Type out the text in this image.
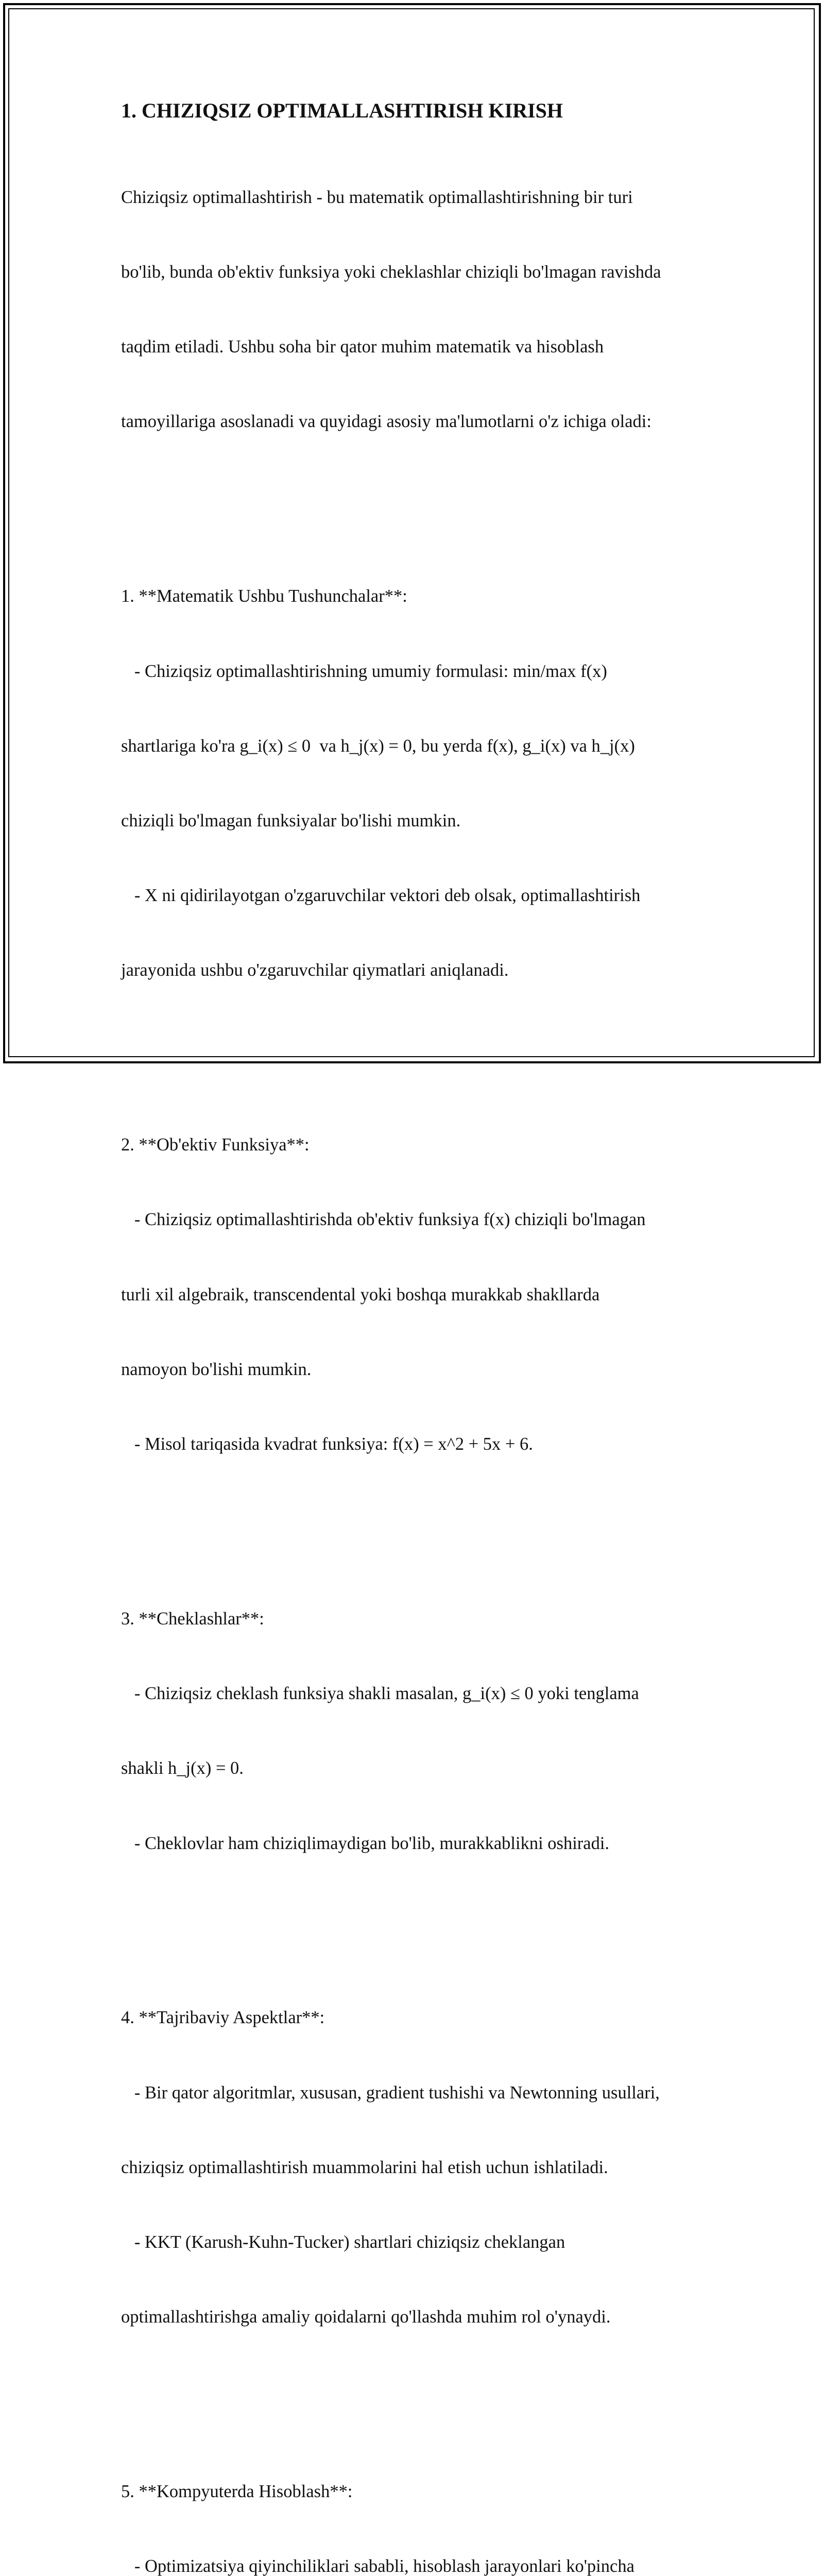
1. CHIZIQSIZ OPTIMALLASHTIRISH KIRISH

Chiziqsiz optimallashtirish - bu matematik optimallashtirishning bir turi

bo'lib, bunda ob'ektiv funksiya yoki cheklashlar chiziqli bo'lmagan ravishda

taqdim etiladi. Ushbu soha bir qator muhim matematik va hisoblash

tamoyillariga asoslanadi va quyidagi asosiy ma'lumotlarni o'z ichiga oladi:

1. **Matematik Ushbu Tushunchalar**:

- Chiziqsiz optimallashtirishning umumiy formulasi: min/max f(x)

shartlariga ko'ra g_i(x) ≤ 0  va h_j(x) = 0, bu yerda f(x), g_i(x) va h_j(x)

chiziqli bo'lmagan funksiyalar bo'lishi mumkin.

- X ni qidirilayotgan o'zgaruvchilar vektori deb olsak, optimallashtirish

jarayonida ushbu o'zgaruvchilar qiymatlari aniqlanadi.

2. **Ob'ektiv Funksiya**:

- Chiziqsiz optimallashtirishda ob'ektiv funksiya f(x) chiziqli bo'lmagan

turli xil algebraik, transcendental yoki boshqa murakkab shakllarda

namoyon bo'lishi mumkin.

- Misol tariqasida kvadrat funksiya: f(x) = x^2 + 5x + 6.

3. **Cheklashlar**:

- Chiziqsiz cheklash funksiya shakli masalan, g_i(x) ≤ 0 yoki tenglama

shakli h_j(x) = 0.

- Cheklovlar ham chiziqlimaydigan bo'lib, murakkablikni oshiradi.

4. **Tajribaviy Aspektlar**:

- Bir qator algoritmlar, xususan, gradient tushishi va Newtonning usullari,

chiziqsiz optimallashtirish muammolarini hal etish uchun ishlatiladi.

- KKT (Karush-Kuhn-Tucker) shartlari chiziqsiz cheklangan

optimallashtirishga amaliy qoidalarni qo'llashda muhim rol o'ynaydi.

5. **Kompyuterda Hisoblash**:

- Optimizatsiya qiyinchiliklari sababli, hisoblash jarayonlari ko'pincha
